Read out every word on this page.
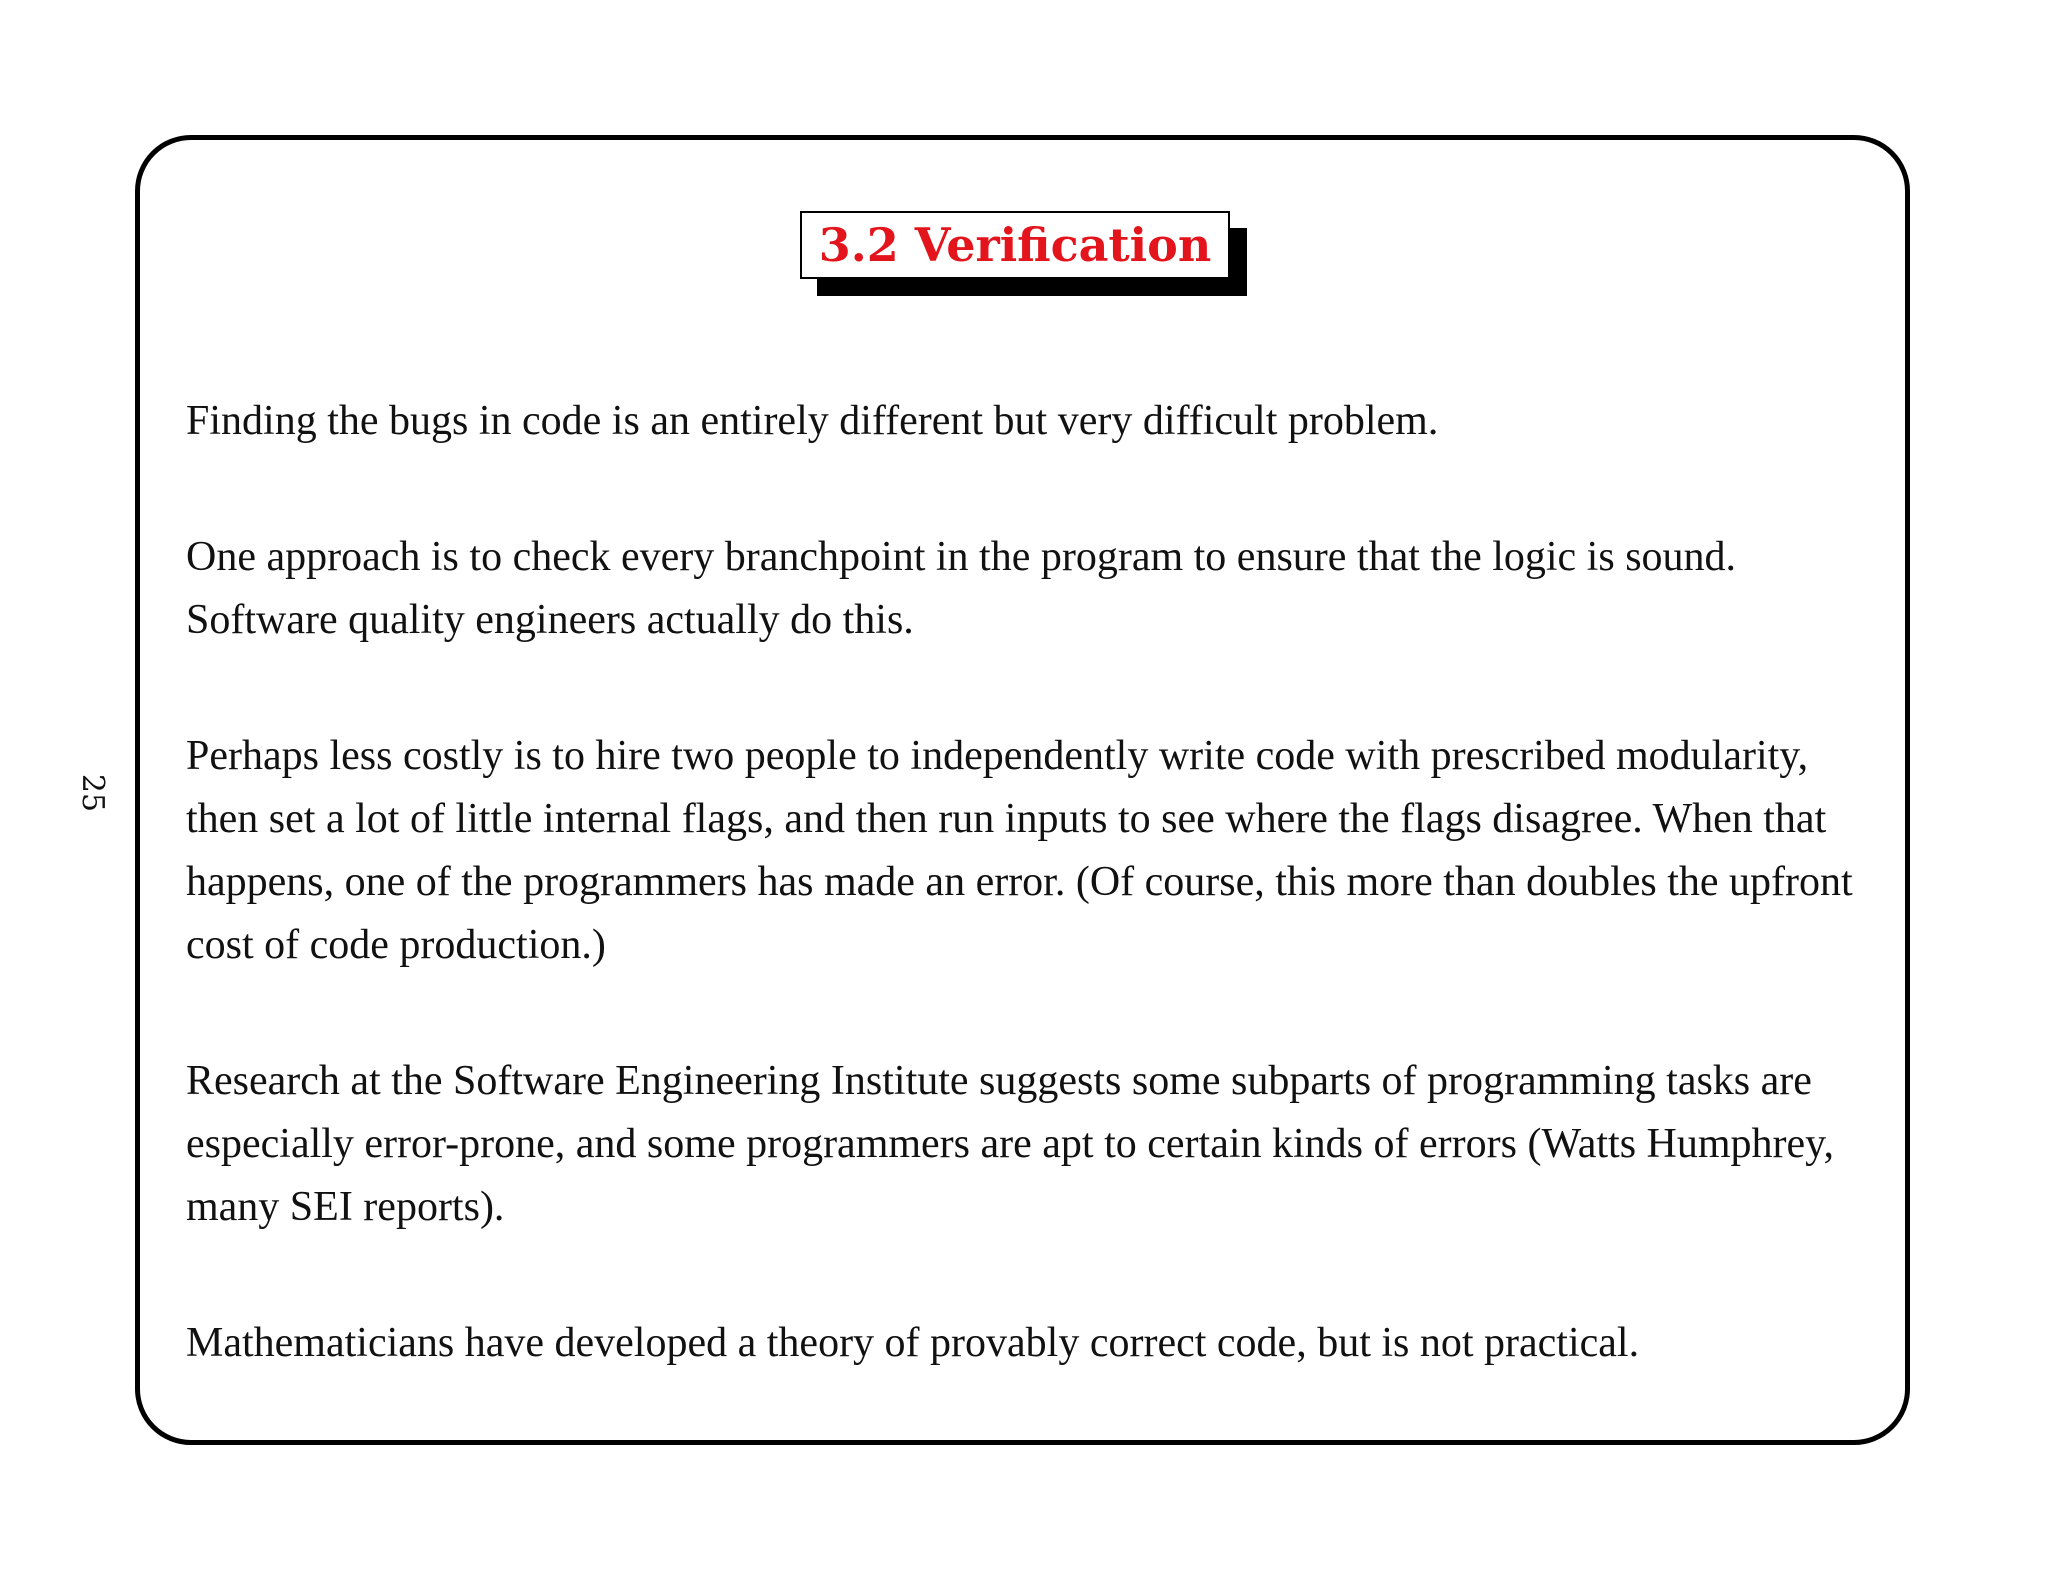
25
3.2 Verification

Finding the bugs in code is an entirely different but very difficult problem.

One approach is to check every branchpoint in the program to ensure that the logic is sound. Software quality engineers actually do this.

Perhaps less costly is to hire two people to independently write code with prescribed modularity, then set a lot of little internal flags, and then run inputs to see where the flags disagree. When that happens, one of the programmers has made an error. (Of course, this more than doubles the upfront cost of code production.)

Research at the Software Engineering Institute suggests some subparts of programming tasks are especially error-prone, and some programmers are apt to certain kinds of errors (Watts Humphrey, many SEI reports).

Mathematicians have developed a theory of provably correct code, but is not practical.
